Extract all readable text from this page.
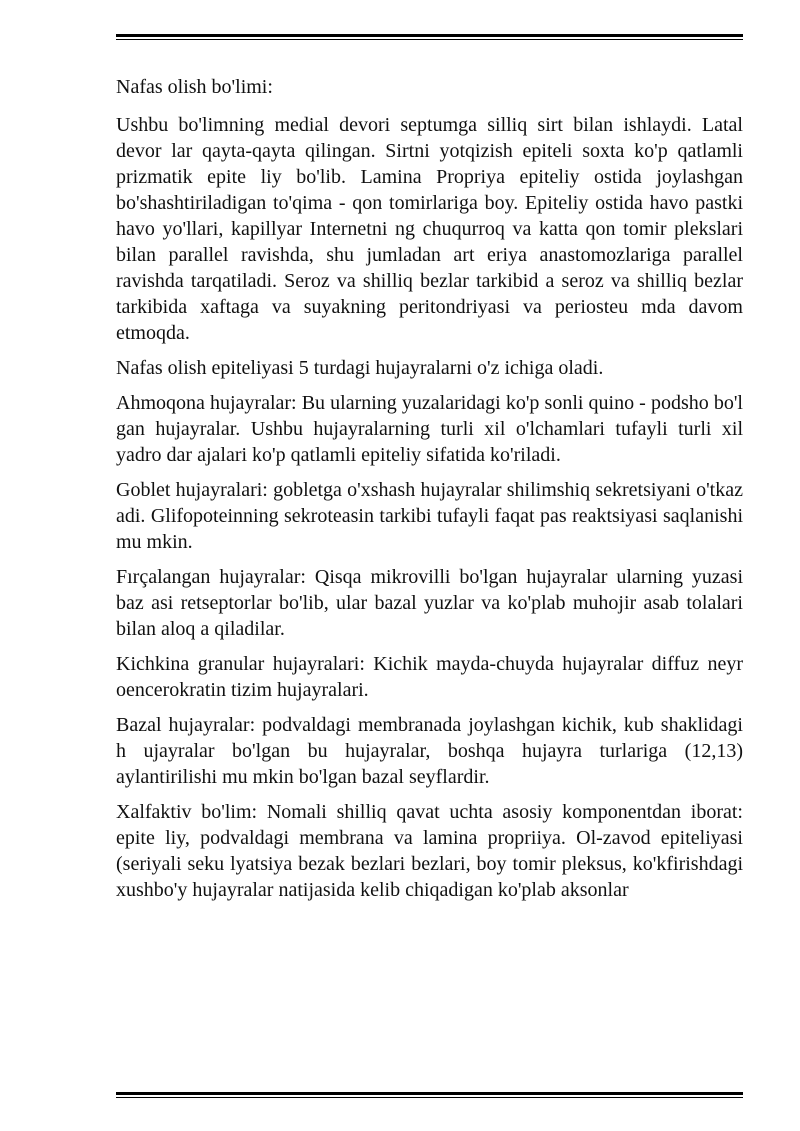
Nafas olish bo'limi:

Ushbu bo'limning medial devori septumga silliq sirt bilan ishlaydi. Latal devor lar qayta-qayta qilingan. Sirtni yotqizish epiteli soxta ko'p qatlamli prizmatik epite liy bo'lib. Lamina Propriya epiteliy ostida joylashgan bo'shashtiriladigan to'qima - qon tomirlariga boy. Epiteliy ostida havo pastki havo yo'llari, kapillyar Internetni ng chuqurroq va katta qon tomir plekslari bilan parallel ravishda, shu jumladan art eriya anastomozlariga parallel ravishda tarqatiladi. Seroz va shilliq bezlar tarkibid a seroz va shilliq bezlar tarkibida xaftaga va suyakning peritondriyasi va periosteu mda davom etmoqda.

Nafas olish epiteliyasi 5 turdagi hujayralarni o'z ichiga oladi.

Ahmoqona hujayralar: Bu ularning yuzalaridagi ko'p sonli quino - podsho bo'l gan hujayralar. Ushbu hujayralarning turli xil o'lchamlari tufayli turli xil yadro dar ajalari ko'p qatlamli epiteliy sifatida ko'riladi.

Goblet hujayralari: gobletga o'xshash hujayralar shilimshiq sekretsiyani o'tkaz adi. Glifopoteinning sekroteasin tarkibi tufayli faqat pas reaktsiyasi saqlanishi mu mkin.

Fırçalangan hujayralar: Qisqa mikrovilli bo'lgan hujayralar ularning yuzasi baz asi retseptorlar bo'lib, ular bazal yuzlar va ko'plab muhojir asab tolalari bilan aloq a qiladilar.

Kichkina granular hujayralari: Kichik mayda-chuyda hujayralar diffuz neyr oencerokratin tizim hujayralari.

Bazal hujayralar: podvaldagi membranada joylashgan kichik, kub shaklidagi h ujayralar bo'lgan bu hujayralar, boshqa hujayra turlariga (12,13) aylantirilishi mu mkin bo'lgan bazal seyflardir.

Xalfaktiv bo'lim: Nomali shilliq qavat uchta asosiy komponentdan iborat: epite liy, podvaldagi membrana va lamina propriiya. Ol-zavod epiteliyasi (seriyali seku lyatsiya bezak bezlari bezlari, boy tomir pleksus, ko'kfirishdagi xushbo'y hujayralar natijasida kelib chiqadigan ko'plab aksonlar
